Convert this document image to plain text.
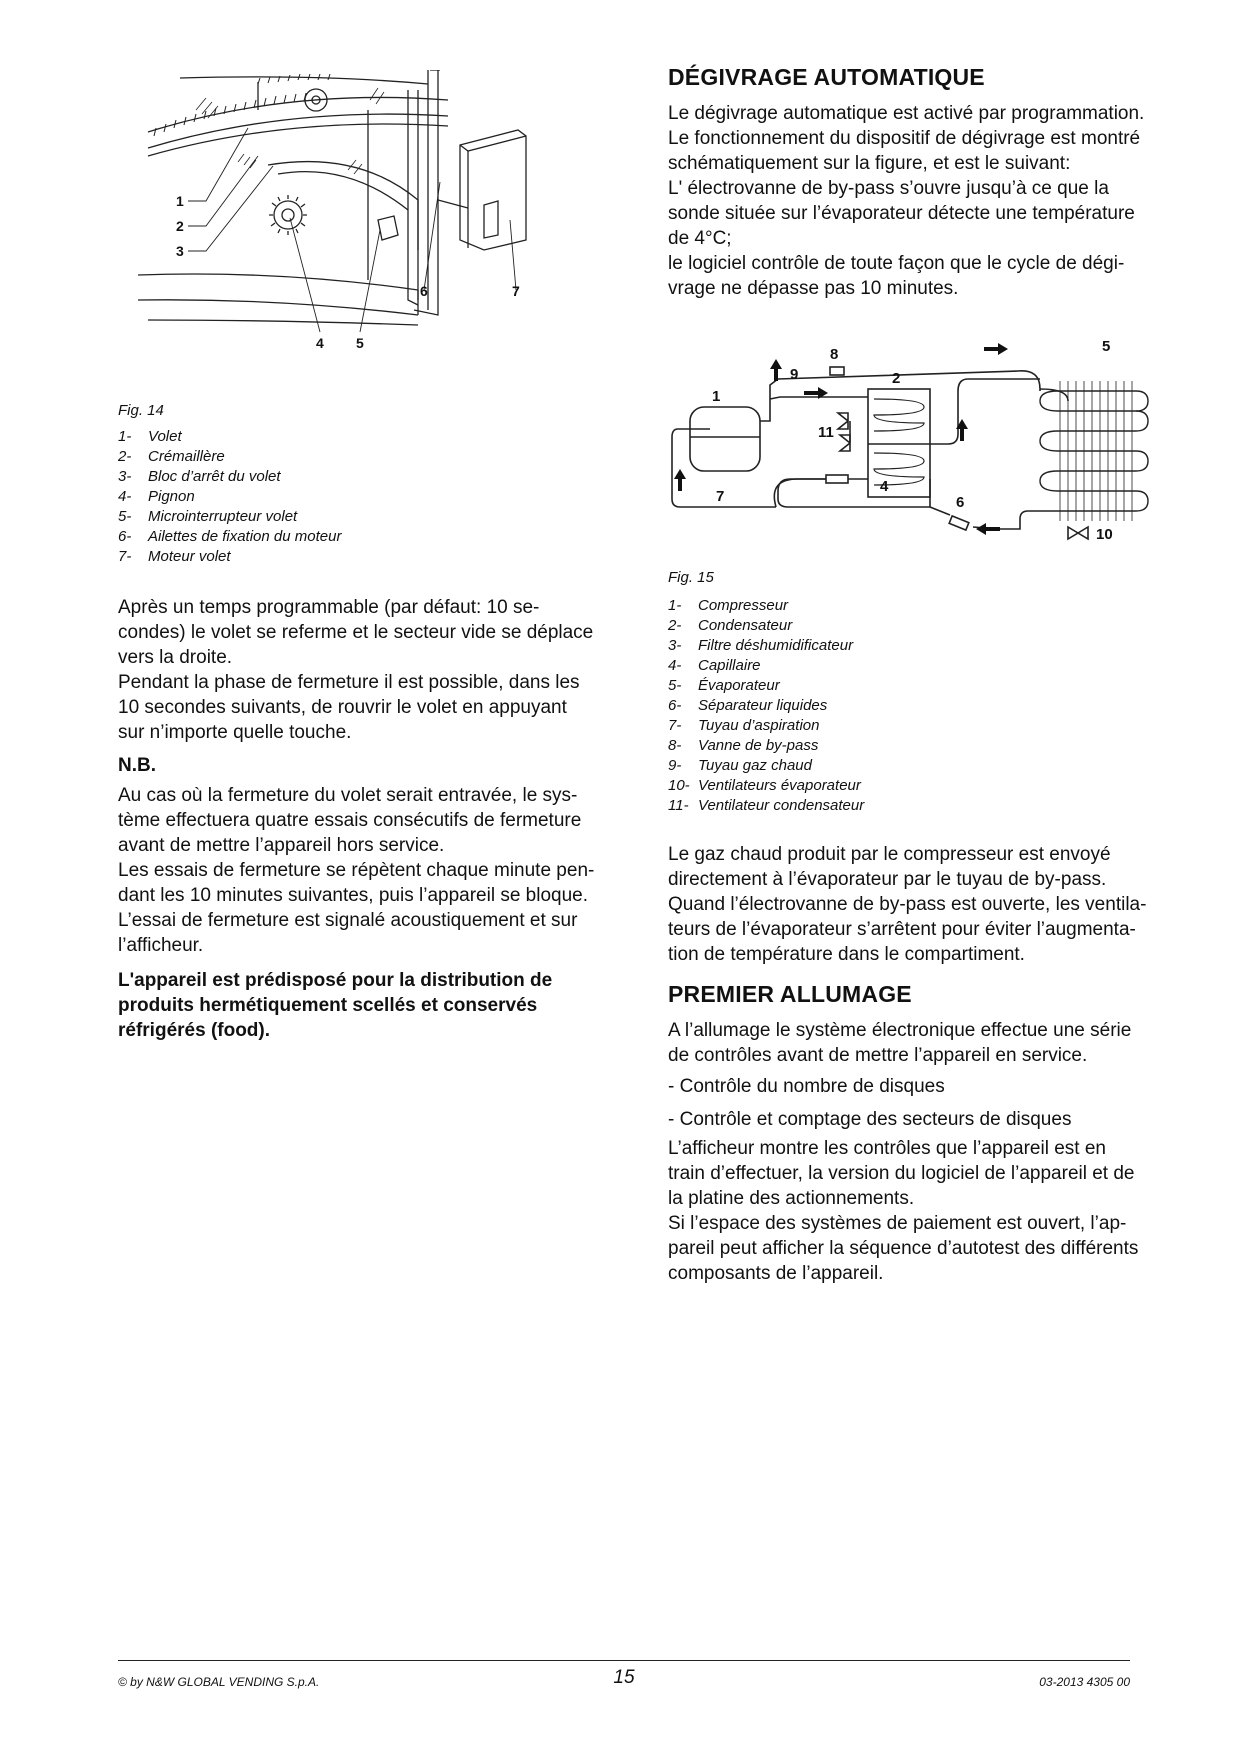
1
2
3
4 5
6	7

Fig. 14

1-	Volet
2-	Crémaillère
3-	Bloc d’arrêt du volet
4-	Pignon
5-	Microinterrupteur volet
6-	Ailettes de fixation du moteur
7-	Moteur volet

Après un temps programmable (par défaut: 10 se-
condes) le volet se referme et le secteur vide se déplace
vers la droite.
Pendant la phase de fermeture il est possible, dans les
10 secondes suivants, de rouvrir le volet en appuyant
sur n’importe quelle touche.

N.B.

Au cas où la fermeture du volet serait entravée, le sys-
tème effectuera quatre essais consécutifs de fermeture
avant de mettre l’appareil hors service.
Les essais de fermeture se répètent chaque minute pen-
dant les 10 minutes suivantes, puis l’appareil se bloque.
L’essai de fermeture est signalé acoustiquement et sur
l’afficheur.

L'appareil est prédisposé pour la distribution de
produits hermétiquement scellés et conservés
réfrigérés (food).

DÉGIVRAGE AUTOMATIQUE

Le dégivrage automatique est activé par programmation.
Le fonctionnement du dispositif de dégivrage est montré
schématiquement sur la figure, et est le suivant:
L' électrovanne de by-pass s’ouvre jusqu’à ce que la
sonde située sur l’évaporateur détecte une température
de 4°C;
le logiciel contrôle de toute façon que le cycle de dégi-
vrage ne dépasse pas 10 minutes.

1
2
4
5
6
7
8
9
10
11

Fig. 15

1-	Compresseur
2-	Condensateur
3-	Filtre déshumidificateur
4-	Capillaire
5-	Évaporateur
6-	Séparateur liquides
7-	Tuyau d’aspiration
8-	Vanne de by-pass
9-	Tuyau gaz chaud
10- Ventilateurs évaporateur
11- Ventilateur condensateur

Le gaz chaud produit par le compresseur est envoyé
directement à l’évaporateur par le tuyau de by-pass.
Quand l’électrovanne de by-pass est ouverte, les ventila-
teurs de l’évaporateur s’arrêtent pour éviter l’augmenta-
tion de température dans le compartiment.

PREMIER ALLUMAGE

A l’allumage le système électronique effectue une série
de contrôles avant de mettre l’appareil en service.

- Contrôle du nombre de disques

- Contrôle et comptage des secteurs de disques

L’afficheur montre les contrôles que l’appareil est en
train d’effectuer, la version du logiciel de l’appareil et de
la platine des actionnements.
Si l’espace des systèmes de paiement est ouvert, l’ap-
pareil peut afficher la séquence d’autotest des différents
composants de l’appareil.

© by N&W GLOBAL VENDING S.p.A.	15	03-2013 4305 00
